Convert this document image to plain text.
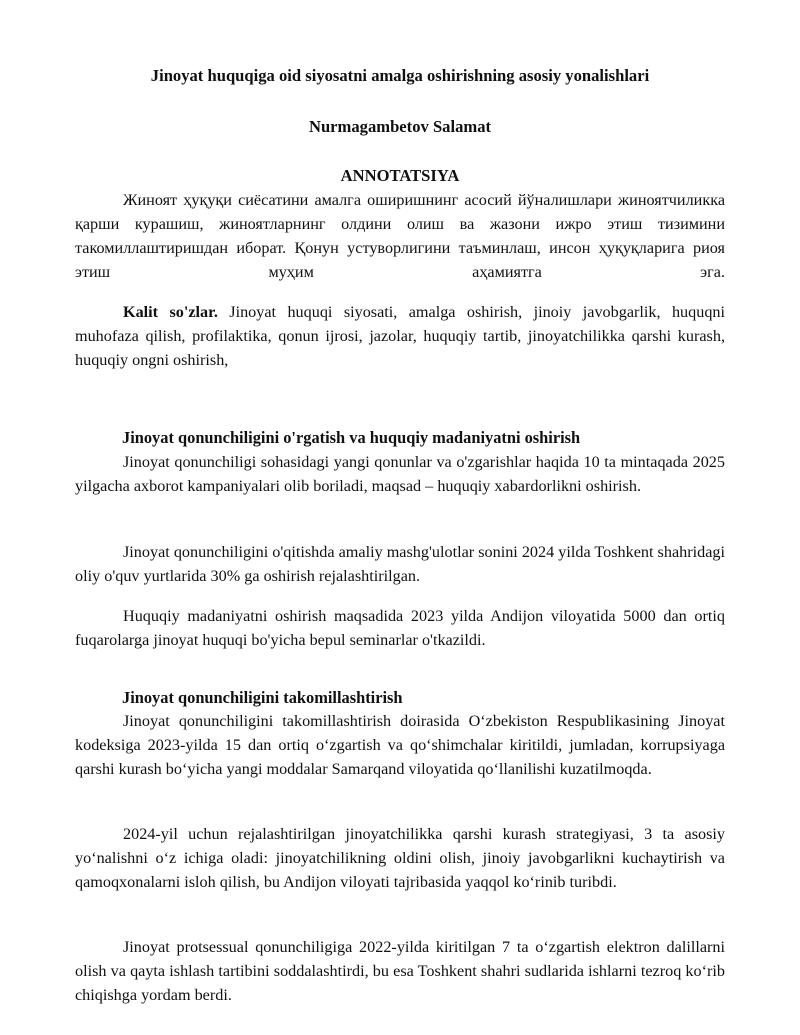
Jinoyat huquqiga oid siyosatni amalga oshirishning asosiy yonalishlari
Nurmagambetov Salamat
ANNOTATSIYA
Жиноят ҳуқуқи сиёсатини амалга оширишнинг асосий йўналишлари жиноятчиликка қарши курашиш, жиноятларнинг олдини олиш ва жазони ижро этиш тизимини такомиллаштиришдан иборат. Қонун устуворлигини таъминлаш, инсон ҳуқуқларига риоя этиш муҳим аҳамиятга эга.
Kalit so'zlar. Jinoyat huquqi siyosati, amalga oshirish, jinoiy javobgarlik, huquqni muhofaza qilish, profilaktika, qonun ijrosi, jazolar, huquqiy tartib, jinoyatchilikka qarshi kurash, huquqiy ongni oshirish,
Jinoyat qonunchiligini o'rgatish va huquqiy madaniyatni oshirish
Jinoyat qonunchiligi sohasidagi yangi qonunlar va o'zgarishlar haqida 10 ta mintaqada 2025 yilgacha axborot kampaniyalari olib boriladi, maqsad – huquqiy xabardorlikni oshirish.
Jinoyat qonunchiligini o'qitishda amaliy mashg'ulotlar sonini 2024 yilda Toshkent shahridagi oliy o'quv yurtlarida 30% ga oshirish rejalashtirilgan.
Huquqiy madaniyatni oshirish maqsadida 2023 yilda Andijon viloyatida 5000 dan ortiq fuqarolarga jinoyat huquqi bo'yicha bepul seminarlar o'tkazildi.
Jinoyat qonunchiligini takomillashtirish
Jinoyat qonunchiligini takomillashtirish doirasida O‘zbekiston Respublikasining Jinoyat kodeksiga 2023-yilda 15 dan ortiq o‘zgartish va qo‘shimchalar kiritildi, jumladan, korrupsiyaga qarshi kurash bo‘yicha yangi moddalar Samarqand viloyatida qo‘llanilishi kuzatilmoqda.
2024-yil uchun rejalashtirilgan jinoyatchilikka qarshi kurash strategiyasi, 3 ta asosiy yo‘nalishni o‘z ichiga oladi: jinoyatchilikning oldini olish, jinoiy javobgarlikni kuchaytirish va qamoqxonalarni isloh qilish, bu Andijon viloyati tajribasida yaqqol ko‘rinib turibdi.
Jinoyat protsessual qonunchiligiga 2022-yilda kiritilgan 7 ta o‘zgartish elektron dalillarni olish va qayta ishlash tartibini soddalashtirdi, bu esa Toshkent shahri sudlarida ishlarni tezroq ko‘rib chiqishga yordam berdi.
